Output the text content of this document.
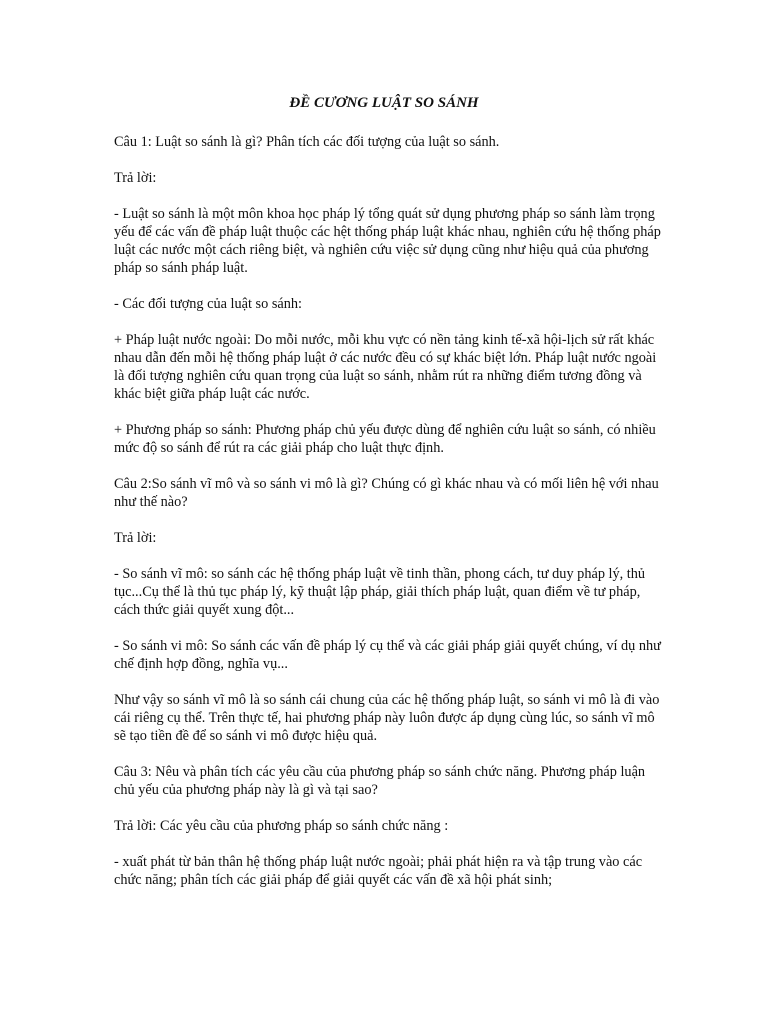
ĐỀ CƯƠNG LUẬT SO SÁNH

Câu 1: Luật so sánh là gì? Phân tích các đối tượng của luật so sánh.

Trả lời:

- Luật so sánh là một môn khoa học pháp lý tổng quát sử dụng phương pháp so sánh làm trọng yếu để các vấn đề pháp luật thuộc các hệt thống pháp luật khác nhau, nghiên cứu hệ thống pháp luật các nước một cách riêng biệt, và nghiên cứu việc sử dụng cũng như hiệu quả của phương pháp so sánh pháp luật.

- Các đối tượng của luật so sánh:

+ Pháp luật nước ngoài: Do mỗi nước, mỗi khu vực có nền tảng kinh tế-xã hội-lịch sử rất khác nhau dẫn đến mỗi hệ thống pháp luật ở các nước đều có sự khác biệt lớn. Pháp luật nước ngoài là đối tượng nghiên cứu quan trọng của luật so sánh, nhằm rút ra những điểm tương đồng và khác biệt giữa pháp luật các nước.

+ Phương pháp so sánh: Phương pháp chủ yếu được dùng để nghiên cứu luật so sánh, có nhiều mức độ so sánh để rút ra các giải pháp cho luật thực định.

Câu 2:So sánh vĩ mô và so sánh vi mô là gì? Chúng có gì khác nhau và có mối liên hệ với nhau như thế nào?

Trả lời:

- So sánh vĩ mô: so sánh các hệ thống pháp luật về tinh thần, phong cách, tư duy pháp lý, thủ tục...Cụ thể là thủ tục pháp lý, kỹ thuật lập pháp, giải thích pháp luật, quan điểm về tư pháp, cách thức giải quyết xung đột...

- So sánh vi mô: So sánh các vấn đề pháp lý cụ thể và các giải pháp giải quyết chúng, ví dụ như chế định hợp đồng, nghĩa vụ...

Như vậy so sánh vĩ mô là so sánh cái chung của các hệ thống pháp luật, so sánh vi mô là đi vào cái riêng cụ thể. Trên thực tế, hai phương pháp này luôn được áp dụng cùng lúc, so sánh vĩ mô sẽ tạo tiền đề để so sánh vi mô được hiệu quả.

Câu 3: Nêu và phân tích các yêu cầu của phương pháp so sánh chức năng. Phương pháp luận chủ yếu của phương pháp này là gì và tại sao?

Trả lời: Các yêu cầu của phương pháp so sánh chức năng :

- xuất phát từ bản thân hệ thống pháp luật nước ngoài; phải phát hiện ra và tập trung vào các chức năng; phân tích các giải pháp để giải quyết các vấn đề xã hội phát sinh;
